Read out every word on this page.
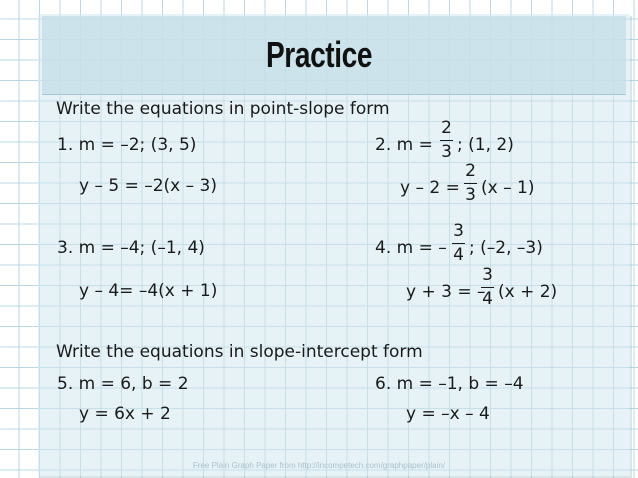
Practice
Write the equations in point-slope form
1. m = –2; (3, 5)
y – 5 = –2(x – 3)
2. m =
2
3 ; (1, 2)
y – 2 =
2
3 (x – 1)
3. m = –4; (–1, 4)
y – 4= –4(x + 1)
4. m = –
3
4 ; (–2, –3)
y + 3 = –
3
4 (x + 2)
Write the equations in slope-intercept form
5. m = 6, b = 2
y = 6x + 2
6. m = –1, b = –4
y = –x – 4
Free Plain Graph Paper from http://incompetech.com/graphpaper/plain/
